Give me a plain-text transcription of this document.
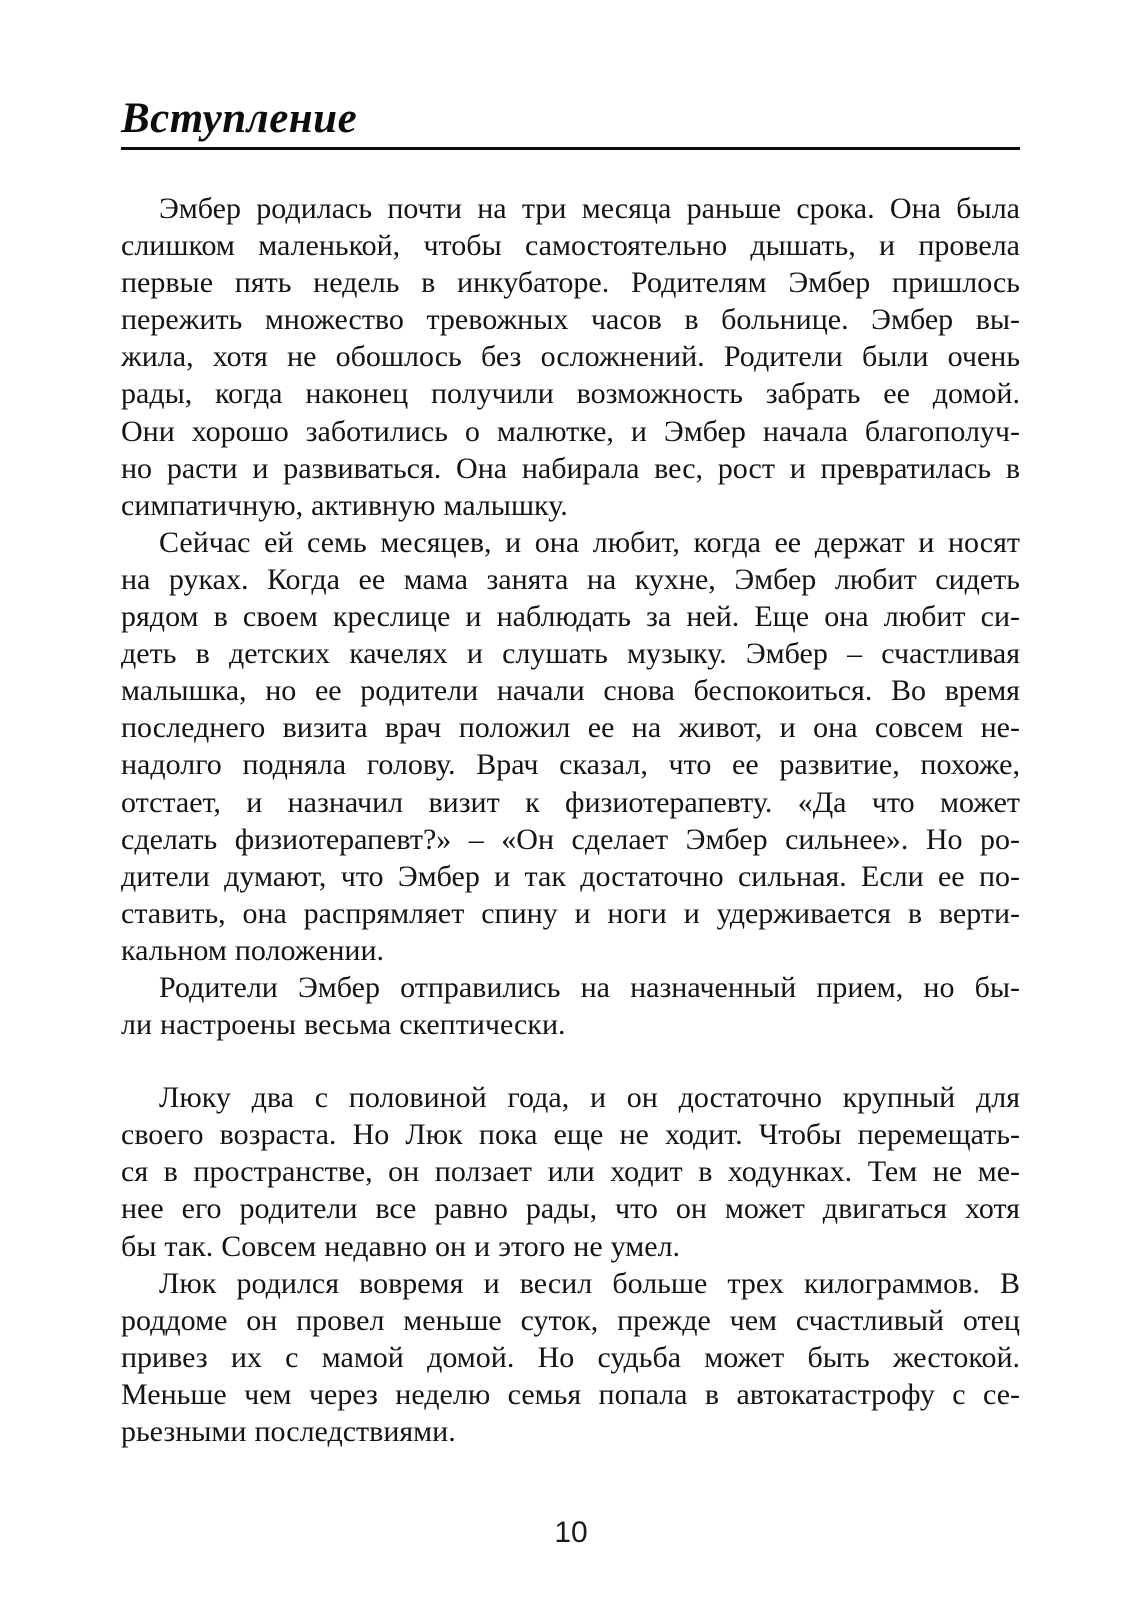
Вступление

Эмбер родилась почти на три месяца раньше срока. Она была
слишком маленькой, чтобы самостоятельно дышать, и провела
первые пять недель в инкубаторе. Родителям Эмбер пришлось
пережить множество тревожных часов в больнице. Эмбер вы-
жила, хотя не обошлось без осложнений. Родители были очень
рады, когда наконец получили возможность забрать ее домой.
Они хорошо заботились о малютке, и Эмбер начала благополуч-
но расти и развиваться. Она набирала вес, рост и превратилась в
симпатичную, активную малышку.

Сейчас ей семь месяцев, и она любит, когда ее держат и носят
на руках. Когда ее мама занята на кухне, Эмбер любит сидеть
рядом в своем креслице и наблюдать за ней. Еще она любит си-
деть в детских качелях и слушать музыку. Эмбер – счастливая
малышка, но ее родители начали снова беспокоиться. Во время
последнего визита врач положил ее на живот, и она совсем не-
надолго подняла голову. Врач сказал, что ее развитие, похоже,
отстает, и назначил визит к физиотерапевту. «Да что может
сделать физиотерапевт?» – «Он сделает Эмбер сильнее». Но ро-
дители думают, что Эмбер и так достаточно сильная. Если ее по-
ставить, она распрямляет спину и ноги и удерживается в верти-
кальном положении.

Родители Эмбер отправились на назначенный прием, но бы-
ли настроены весьма скептически.

Люку два с половиной года, и он достаточно крупный для
своего возраста. Но Люк пока еще не ходит. Чтобы перемещать-
ся в пространстве, он ползает или ходит в ходунках. Тем не ме-
нее его родители все равно рады, что он может двигаться хотя
бы так. Совсем недавно он и этого не умел.

Люк родился вовремя и весил больше трех килограммов. В
роддоме он провел меньше суток, прежде чем счастливый отец
привез их с мамой домой. Но судьба может быть жестокой.
Меньше чем через неделю семья попала в автокатастрофу с се-
рьезными последствиями.

10
